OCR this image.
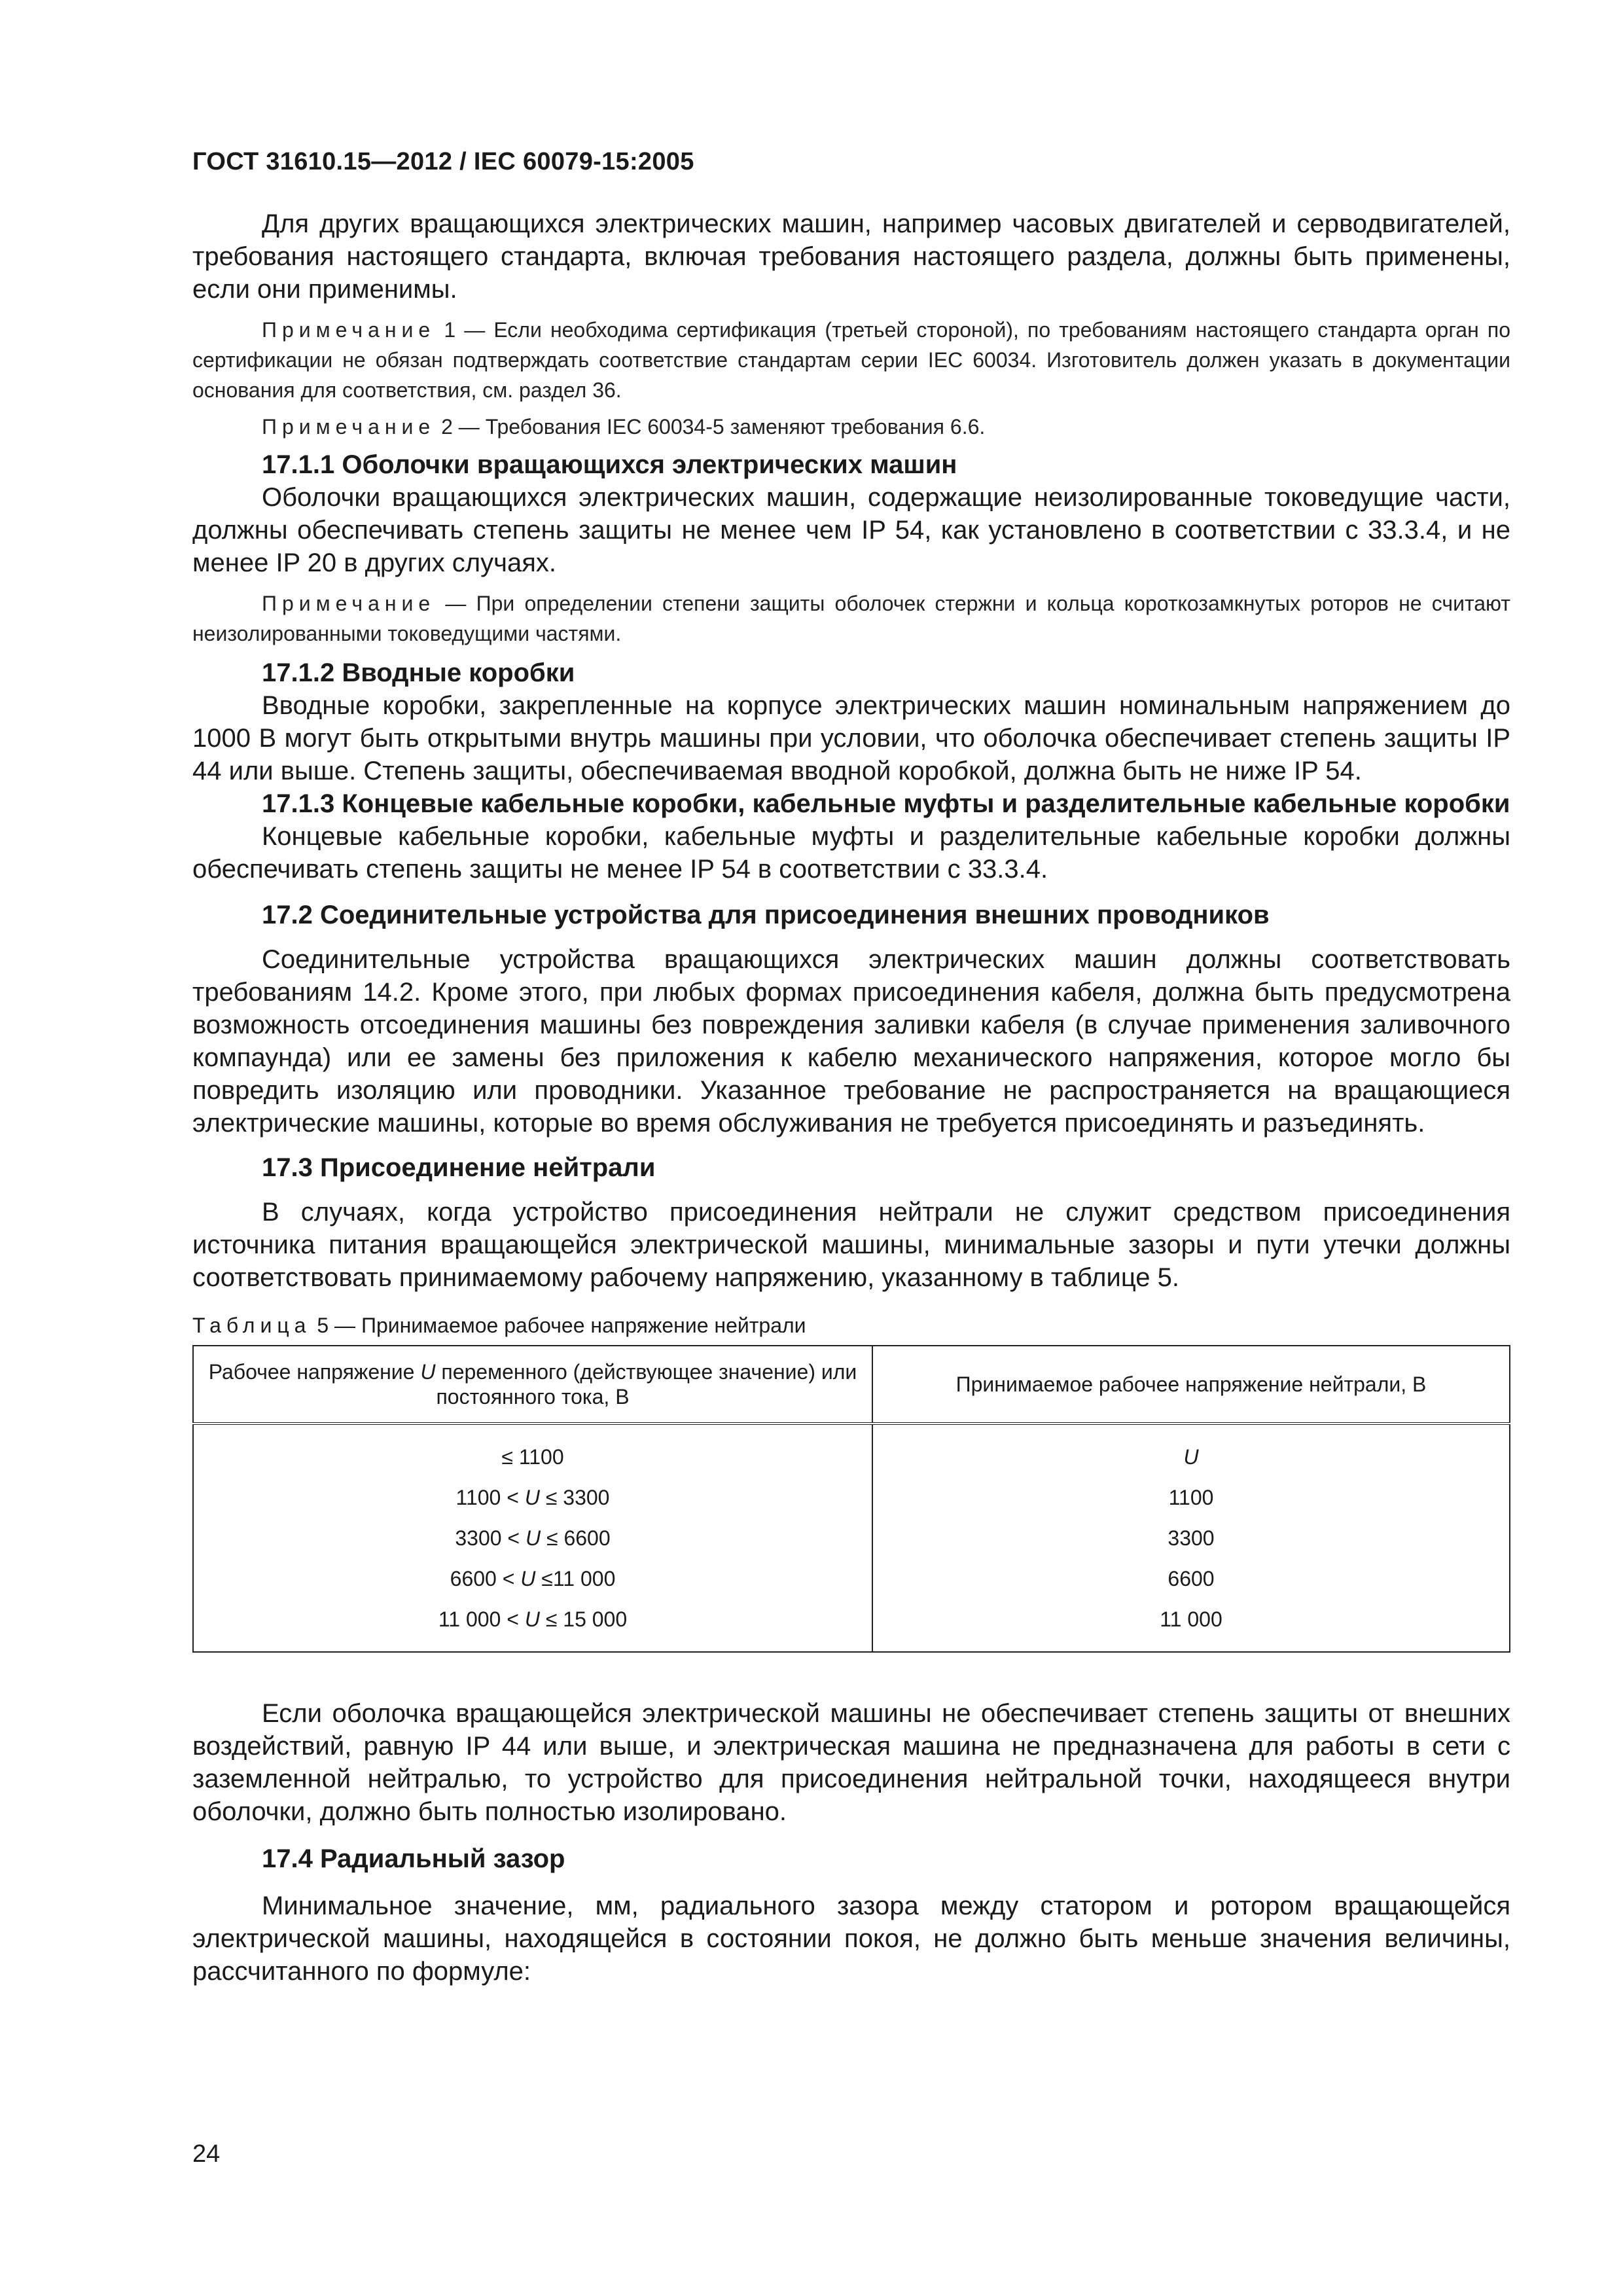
ГОСТ 31610.15—2012 / IEC 60079-15:2005

Для других вращающихся электрических машин, например часовых двигателей и серводвигателей, требования настоящего стандарта, включая требования настоящего раздела, должны быть применены, если они применимы.

Примечание 1 — Если необходима сертификация (третьей стороной), по требованиям настоящего стандарта орган по сертификации не обязан подтверждать соответствие стандартам серии IEC 60034. Изготовитель должен указать в документации основания для соответствия, см. раздел 36.

Примечание 2 — Требования IEC 60034-5 заменяют требования 6.6.

17.1.1 Оболочки вращающихся электрических машин

Оболочки вращающихся электрических машин, содержащие неизолированные токоведущие части, должны обеспечивать степень защиты не менее чем IP 54, как установлено в соответствии с 33.3.4, и не менее IP 20 в других случаях.

Примечание — При определении степени защиты оболочек стержни и кольца короткозамкнутых роторов не считают неизолированными токоведущими частями.

17.1.2 Вводные коробки

Вводные коробки, закрепленные на корпусе электрических машин номинальным напряжением до 1000 В могут быть открытыми внутрь машины при условии, что оболочка обеспечивает степень защиты IP 44 или выше. Степень защиты, обеспечиваемая вводной коробкой, должна быть не ниже IP 54.

17.1.3 Концевые кабельные коробки, кабельные муфты и разделительные кабельные коробки

Концевые кабельные коробки, кабельные муфты и разделительные кабельные коробки должны обеспечивать степень защиты не менее IP 54 в соответствии с 33.3.4.

17.2 Соединительные устройства для присоединения внешних проводников

Соединительные устройства вращающихся электрических машин должны соответствовать требованиям 14.2. Кроме этого, при любых формах присоединения кабеля, должна быть предусмотрена возможность отсоединения машины без повреждения заливки кабеля (в случае применения заливочного компаунда) или ее замены без приложения к кабелю механического напряжения, которое могло бы повредить изоляцию или проводники. Указанное требование не распространяется на вращающиеся электрические машины, которые во время обслуживания не требуется присоединять и разъединять.

17.3 Присоединение нейтрали

В случаях, когда устройство присоединения нейтрали не служит средством присоединения источника питания вращающейся электрической машины, минимальные зазоры и пути утечки должны соответствовать принимаемому рабочему напряжению, указанному в таблице 5.

Таблица 5 — Принимаемое рабочее напряжение нейтрали

Рабочее напряжение U переменного (действующее значение) или постоянного тока, В	Принимаемое рабочее напряжение нейтрали, В
≤ 1100	U
1100 < U ≤ 3300	1100
3300 < U ≤ 6600	3300
6600 < U ≤11 000	6600
11 000 < U ≤ 15 000	11 000

Если оболочка вращающейся электрической машины не обеспечивает степень защиты от внешних воздействий, равную IP 44 или выше, и электрическая машина не предназначена для работы в сети с заземленной нейтралью, то устройство для присоединения нейтральной точки, находящееся внутри оболочки, должно быть полностью изолировано.

17.4 Радиальный зазор

Минимальное значение, мм, радиального зазора между статором и ротором вращающейся электрической машины, находящейся в состоянии покоя, не должно быть меньше значения величины, рассчитанного по формуле:

24
